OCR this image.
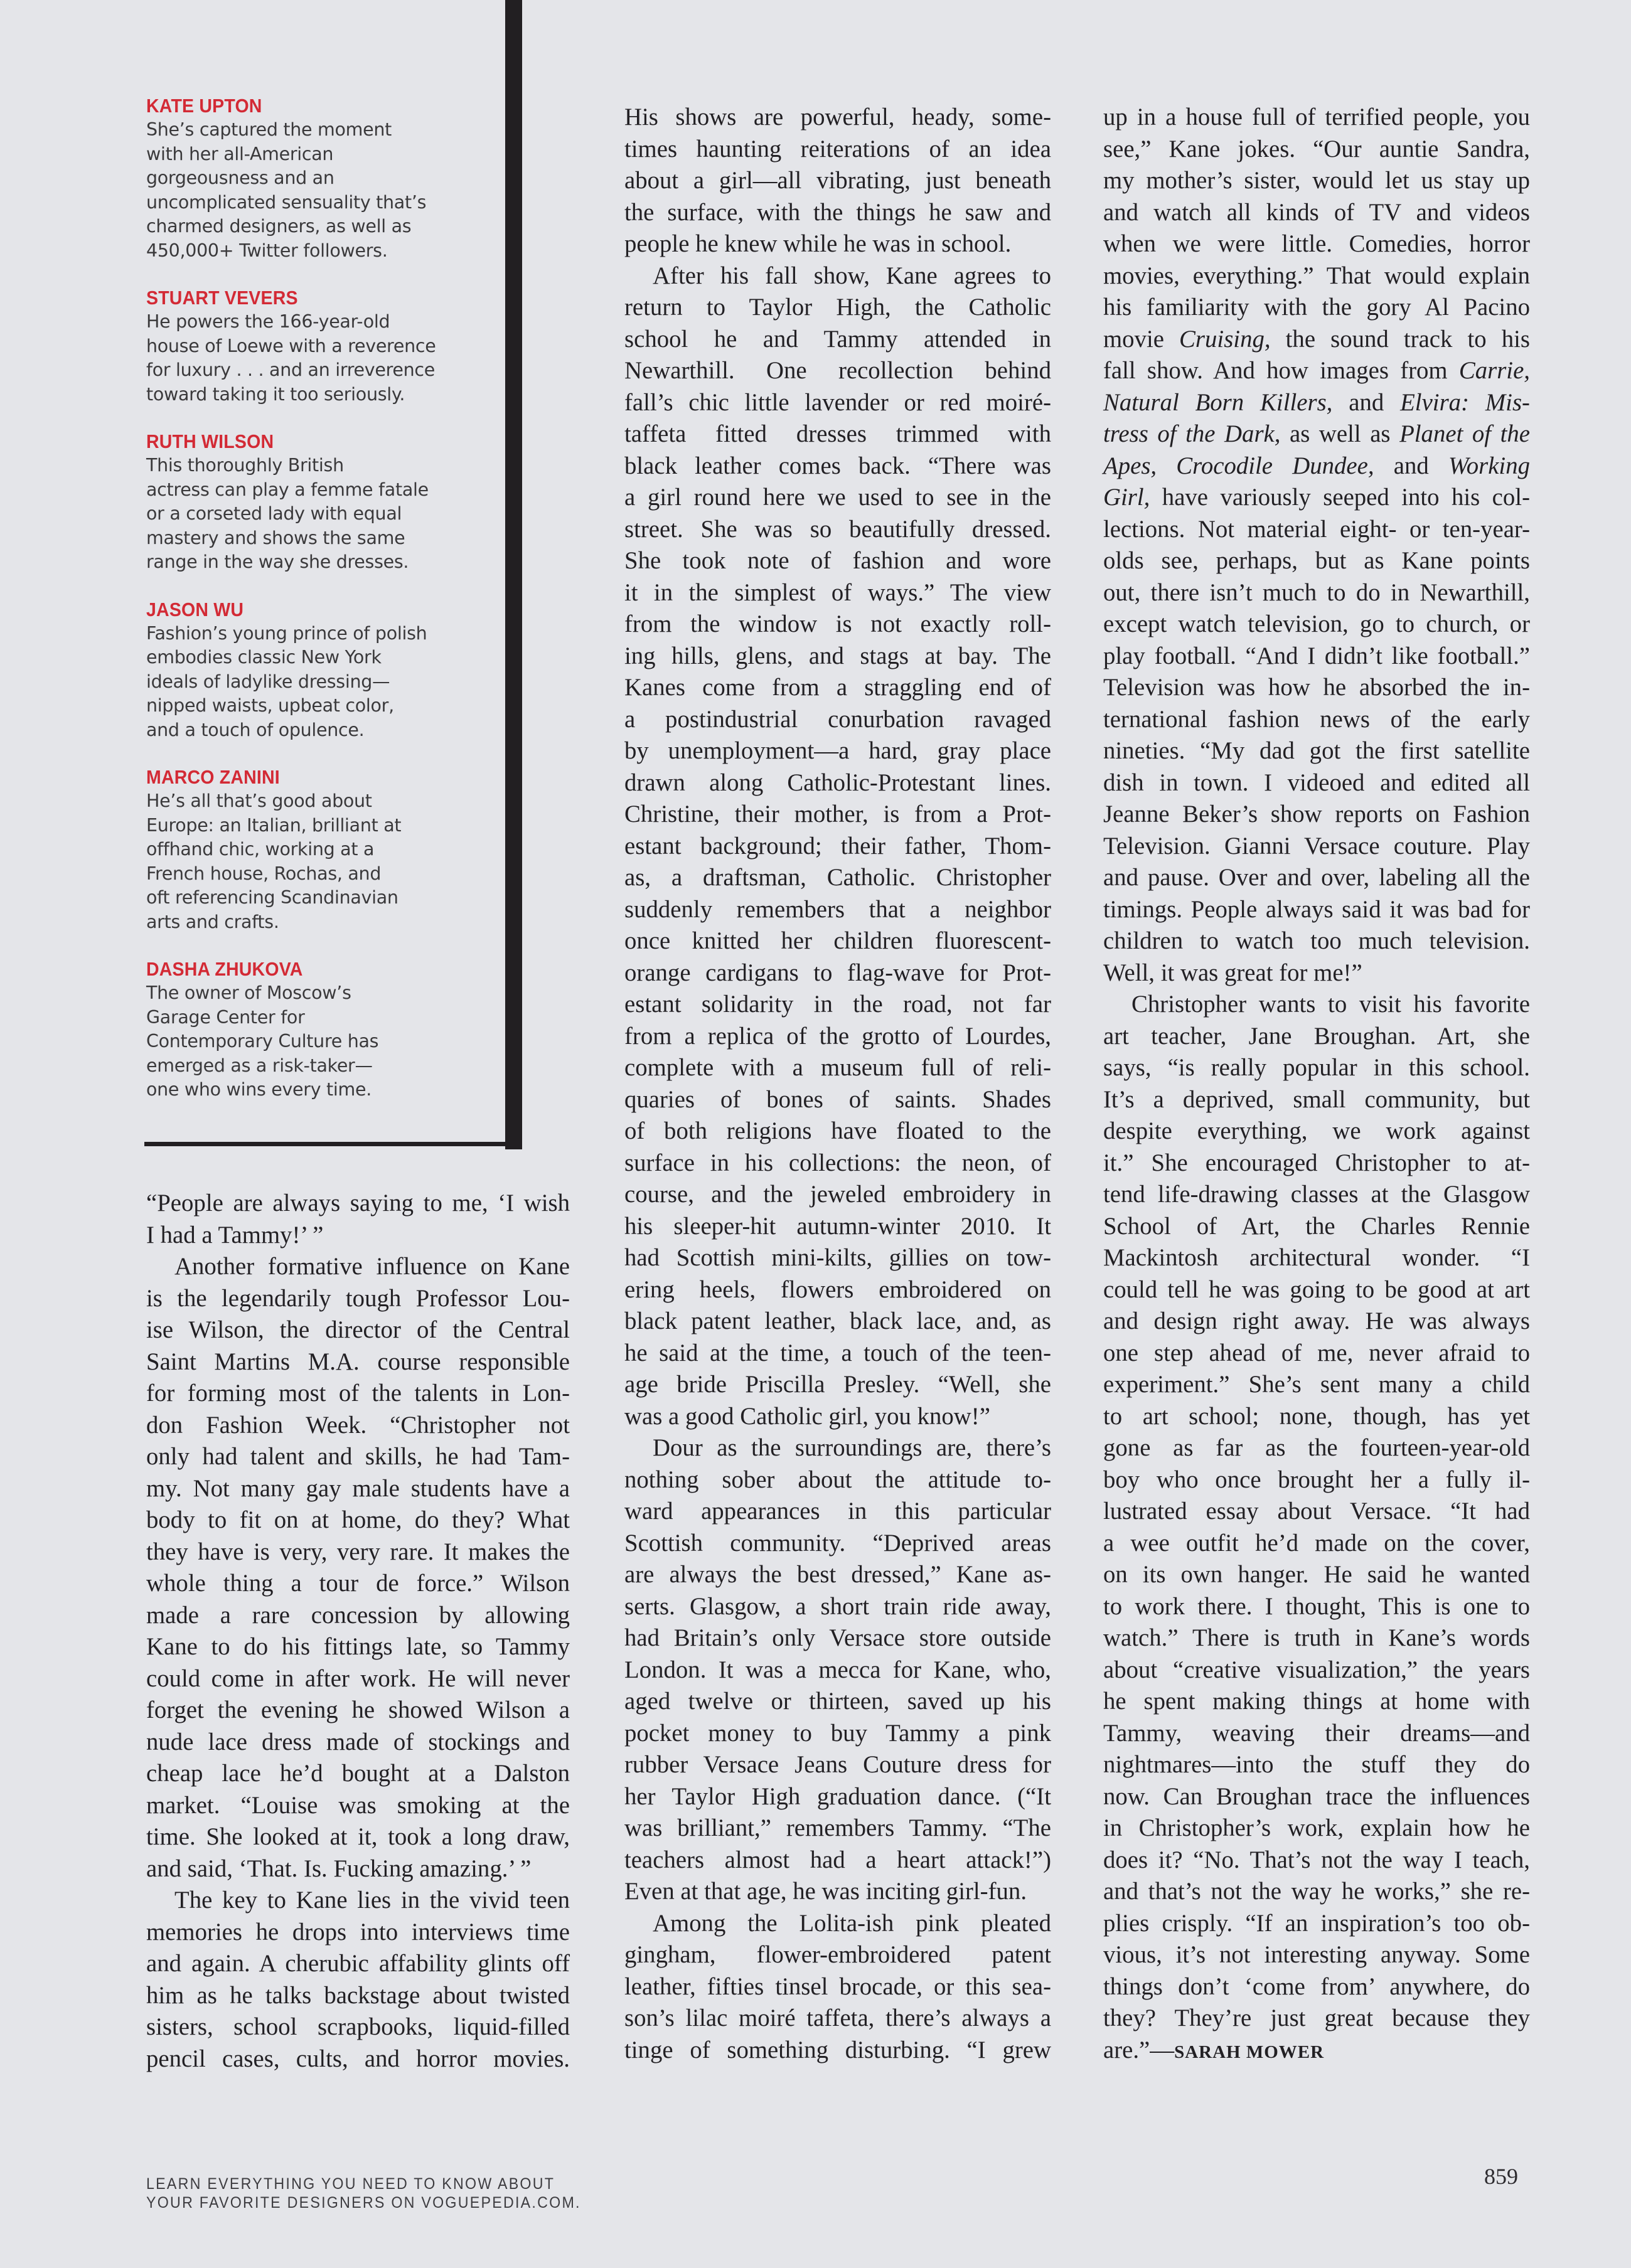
KATE UPTON
She’s captured the moment
with her all-American
gorgeousness and an
uncomplicated sensuality that’s
charmed designers, as well as
450,000+ Twitter followers.
STUART VEVERS
He powers the 166-year-old
house of Loewe with a reverence
for luxury . . . and an irreverence
toward taking it too seriously.
RUTH WILSON
This thoroughly British
actress can play a femme fatale
or a corseted lady with equal
mastery and shows the same
range in the way she dresses.
JASON WU
Fashion’s young prince of polish
embodies classic New York
ideals of ladylike dressing—
nipped waists, upbeat color,
and a touch of opulence.
MARCO ZANINI
He’s all that’s good about
Europe: an Italian, brilliant at
offhand chic, working at a
French house, Rochas, and
oft referencing Scandinavian
arts and crafts.
DASHA ZHUKOVA
The owner of Moscow’s
Garage Center for
Contemporary Culture has
emerged as a risk-taker—
one who wins every time.
“People are always saying to me, ‘I wish
I had a Tammy!’ ”
Another formative influence on Kane
is the legendarily tough Professor Lou-
ise Wilson, the director of the Central
Saint Martins M.A. course responsible
for forming most of the talents in Lon-
don Fashion Week. “Christopher not
only had talent and skills, he had Tam-
my. Not many gay male students have a
body to fit on at home, do they? What
they have is very, very rare. It makes the
whole thing a tour de force.” Wilson
made a rare concession by allowing
Kane to do his fittings late, so Tammy
could come in after work. He will never
forget the evening he showed Wilson a
nude lace dress made of stockings and
cheap lace he’d bought at a Dalston
market. “Louise was smoking at the
time. She looked at it, took a long draw,
and said, ‘That. Is. Fucking amazing.’ ”
The key to Kane lies in the vivid teen
memories he drops into interviews time
and again. A cherubic affability glints off
him as he talks backstage about twisted
sisters, school scrapbooks, liquid-filled
pencil cases, cults, and horror movies.
His shows are powerful, heady, some-
times haunting reiterations of an idea
about a girl—all vibrating, just beneath
the surface, with the things he saw and
people he knew while he was in school.
After his fall show, Kane agrees to
return to Taylor High, the Catholic
school he and Tammy attended in
Newarthill. One recollection behind
fall’s chic little lavender or red moiré-
taffeta fitted dresses trimmed with
black leather comes back. “There was
a girl round here we used to see in the
street. She was so beautifully dressed.
She took note of fashion and wore
it in the simplest of ways.” The view
from the window is not exactly roll-
ing hills, glens, and stags at bay. The
Kanes come from a straggling end of
a postindustrial conurbation ravaged
by unemployment—a hard, gray place
drawn along Catholic-Protestant lines.
Christine, their mother, is from a Prot-
estant background; their father, Thom-
as, a draftsman, Catholic. Christopher
suddenly remembers that a neighbor
once knitted her children fluorescent-
orange cardigans to flag-wave for Prot-
estant solidarity in the road, not far
from a replica of the grotto of Lourdes,
complete with a museum full of reli-
quaries of bones of saints. Shades
of both religions have floated to the
surface in his collections: the neon, of
course, and the jeweled embroidery in
his sleeper-hit autumn-winter 2010. It
had Scottish mini-kilts, gillies on tow-
ering heels, flowers embroidered on
black patent leather, black lace, and, as
he said at the time, a touch of the teen-
age bride Priscilla Presley. “Well, she
was a good Catholic girl, you know!”
Dour as the surroundings are, there’s
nothing sober about the attitude to-
ward appearances in this particular
Scottish community. “Deprived areas
are always the best dressed,” Kane as-
serts. Glasgow, a short train ride away,
had Britain’s only Versace store outside
London. It was a mecca for Kane, who,
aged twelve or thirteen, saved up his
pocket money to buy Tammy a pink
rubber Versace Jeans Couture dress for
her Taylor High graduation dance. (“It
was brilliant,” remembers Tammy. “The
teachers almost had a heart attack!”)
Even at that age, he was inciting girl-fun.
Among the Lolita-ish pink pleated
gingham, flower-embroidered patent
leather, fifties tinsel brocade, or this sea-
son’s lilac moiré taffeta, there’s always a
tinge of something disturbing. “I grew
up in a house full of terrified people, you
see,” Kane jokes. “Our auntie Sandra,
my mother’s sister, would let us stay up
and watch all kinds of TV and videos
when we were little. Comedies, horror
movies, everything.” That would explain
his familiarity with the gory Al Pacino
movie Cruising, the sound track to his
fall show. And how images from Carrie,
Natural Born Killers, and Elvira: Mis-
tress of the Dark, as well as Planet of the
Apes, Crocodile Dundee, and Working
Girl, have variously seeped into his col-
lections. Not material eight- or ten-year-
olds see, perhaps, but as Kane points
out, there isn’t much to do in Newarthill,
except watch television, go to church, or
play football. “And I didn’t like football.”
Television was how he absorbed the in-
ternational fashion news of the early
nineties. “My dad got the first satellite
dish in town. I videoed and edited all
Jeanne Beker’s show reports on Fashion
Television. Gianni Versace couture. Play
and pause. Over and over, labeling all the
timings. People always said it was bad for
children to watch too much television.
Well, it was great for me!”
Christopher wants to visit his favorite
art teacher, Jane Broughan. Art, she
says, “is really popular in this school.
It’s a deprived, small community, but
despite everything, we work against
it.” She encouraged Christopher to at-
tend life-drawing classes at the Glasgow
School of Art, the Charles Rennie
Mackintosh architectural wonder. “I
could tell he was going to be good at art
and design right away. He was always
one step ahead of me, never afraid to
experiment.” She’s sent many a child
to art school; none, though, has yet
gone as far as the fourteen-year-old
boy who once brought her a fully il-
lustrated essay about Versace. “It had
a wee outfit he’d made on the cover,
on its own hanger. He said he wanted
to work there. I thought, This is one to
watch.” There is truth in Kane’s words
about “creative visualization,” the years
he spent making things at home with
Tammy, weaving their dreams—and
nightmares—into the stuff they do
now. Can Broughan trace the influences
in Christopher’s work, explain how he
does it? “No. That’s not the way I teach,
and that’s not the way he works,” she re-
plies crisply. “If an inspiration’s too ob-
vious, it’s not interesting anyway. Some
things don’t ‘come from’ anywhere, do
they? They’re just great because they
are.”—SARAH MOWER
LEARN EVERYTHING YOU NEED TO KNOW ABOUT
YOUR FAVORITE DESIGNERS ON VOGUEPEDIA.COM.
859
